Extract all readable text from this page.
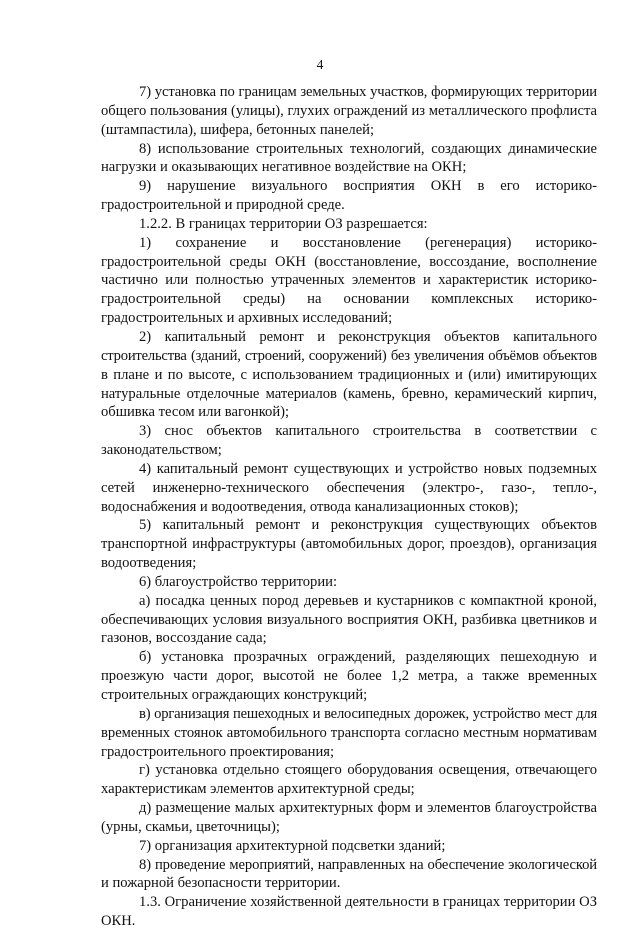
4
7) установка по границам земельных участков, формирующих территории
общего пользования (улицы), глухих ограждений из металлического профлиста
(штампастила), шифера, бетонных панелей;
8) использование строительных технологий, создающих динамические
нагрузки и оказывающих негативное воздействие на ОКН;
9) нарушение визуального восприятия ОКН в его историко-
градостроительной и природной среде.
1.2.2. В границах территории ОЗ разрешается:
1) сохранение и восстановление (регенерация) историко-
градостроительной среды ОКН (восстановление, воссоздание, восполнение
частично или полностью утраченных элементов и характеристик историко-
градостроительной среды) на основании комплексных историко-
градостроительных и архивных исследований;
2) капитальный ремонт и реконструкция объектов капитального
строительства (зданий, строений, сооружений) без увеличения объёмов объектов
в плане и по высоте, с использованием традиционных и (или) имитирующих
натуральные отделочные материалов (камень, бревно, керамический кирпич,
обшивка тесом или вагонкой);
3) снос объектов капитального строительства в соответствии с
законодательством;
4) капитальный ремонт существующих и устройство новых подземных
сетей инженерно-технического обеспечения (электро-, газо-, тепло-,
водоснабжения и водоотведения, отвода канализационных стоков);
5) капитальный ремонт и реконструкция существующих объектов
транспортной инфраструктуры (автомобильных дорог, проездов), организация
водоотведения;
6) благоустройство территории:
а) посадка ценных пород деревьев и кустарников с компактной кроной,
обеспечивающих условия визуального восприятия ОКН, разбивка цветников и
газонов, воссоздание сада;
б) установка прозрачных ограждений, разделяющих пешеходную и
проезжую части дорог, высотой не более 1,2 метра, а также временных
строительных ограждающих конструкций;
в) организация пешеходных и велосипедных дорожек, устройство мест для
временных стоянок автомобильного транспорта согласно местным нормативам
градостроительного проектирования;
г) установка отдельно стоящего оборудования освещения, отвечающего
характеристикам элементов архитектурной среды;
д) размещение малых архитектурных форм и элементов благоустройства
(урны, скамьи, цветочницы);
7) организация архитектурной подсветки зданий;
8) проведение мероприятий, направленных на обеспечение экологической
и пожарной безопасности территории.
1.3. Ограничение хозяйственной деятельности в границах территории ОЗ
ОКН.
